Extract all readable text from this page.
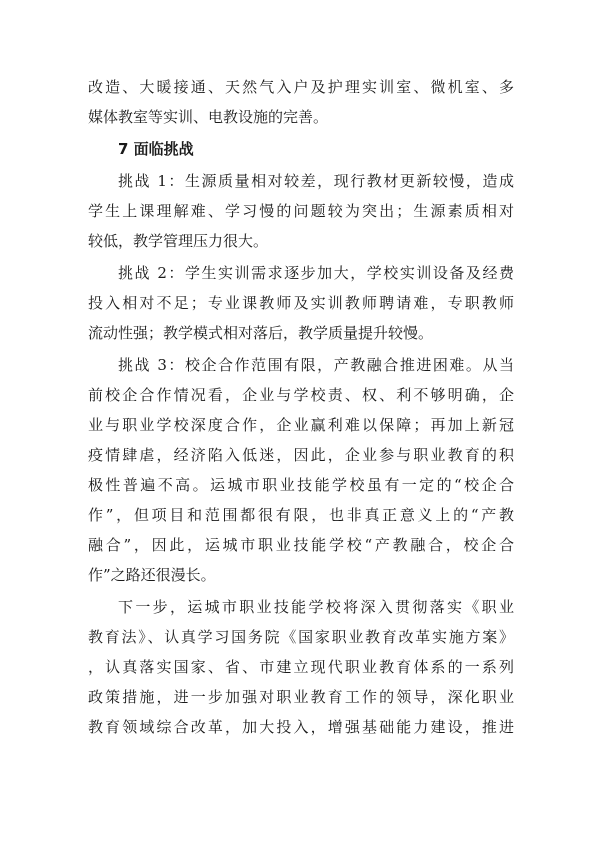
改造、大暖接通、天然气入户及护理实训室、微机室、多
媒体教室等实训、电教设施的完善。
7 面临挑战
挑战 1：生源质量相对较差，现行教材更新较慢，造成
学生上课理解难、学习慢的问题较为突出；生源素质相对
较低，教学管理压力很大。
挑战 2：学生实训需求逐步加大，学校实训设备及经费
投入相对不足；专业课教师及实训教师聘请难，专职教师
流动性强；教学模式相对落后，教学质量提升较慢。
挑战 3：校企合作范围有限，产教融合推进困难。从当
前校企合作情况看，企业与学校责、权、利不够明确，企
业与职业学校深度合作，企业赢利难以保障；再加上新冠
疫情肆虐，经济陷入低迷，因此，企业参与职业教育的积
极性普遍不高。运城市职业技能学校虽有一定的“校企合
作”，但项目和范围都很有限，也非真正意义上的“产教
融合”，因此，运城市职业技能学校“产教融合，校企合
作”之路还很漫长。
下一步，运城市职业技能学校将深入贯彻落实《职业
教育法》、认真学习国务院《国家职业教育改革实施方案》
，认真落实国家、省、市建立现代职业教育体系的一系列
政策措施，进一步加强对职业教育工作的领导，深化职业
教育领域综合改革，加大投入，增强基础能力建设，推进
